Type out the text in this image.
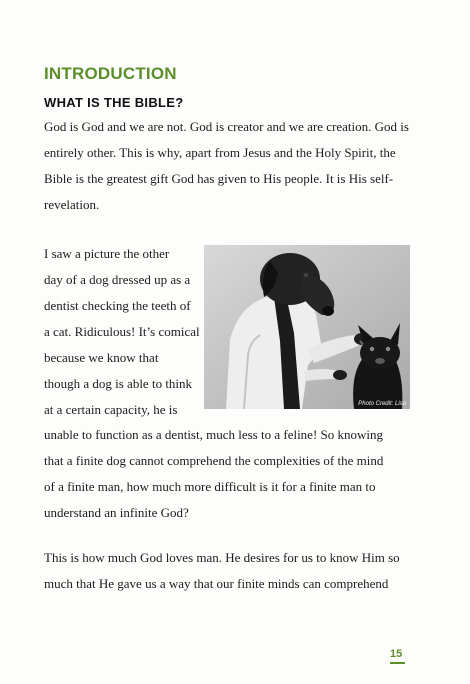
INTRODUCTION
WHAT IS THE BIBLE?
God is God and we are not. God is creator and we are creation. God is
entirely other. This is why, apart from Jesus and the Holy Spirit, the
Bible is the greatest gift God has given to His people. It is His self-
revelation.
I saw a picture the other
day of a dog dressed up as a
dentist checking the teeth of
a cat. Ridiculous! It’s comical
because we know that
though a dog is able to think
at a certain capacity, he is
unable to function as a dentist, much less to a feline! So knowing
that a finite dog cannot comprehend the complexities of the mind
of a finite man, how much more difficult is it for a finite man to
understand an infinite God?
This is how much God loves man. He desires for us to know Him so
much that He gave us a way that our finite minds can comprehend
Photo Credit: Lisa
15
